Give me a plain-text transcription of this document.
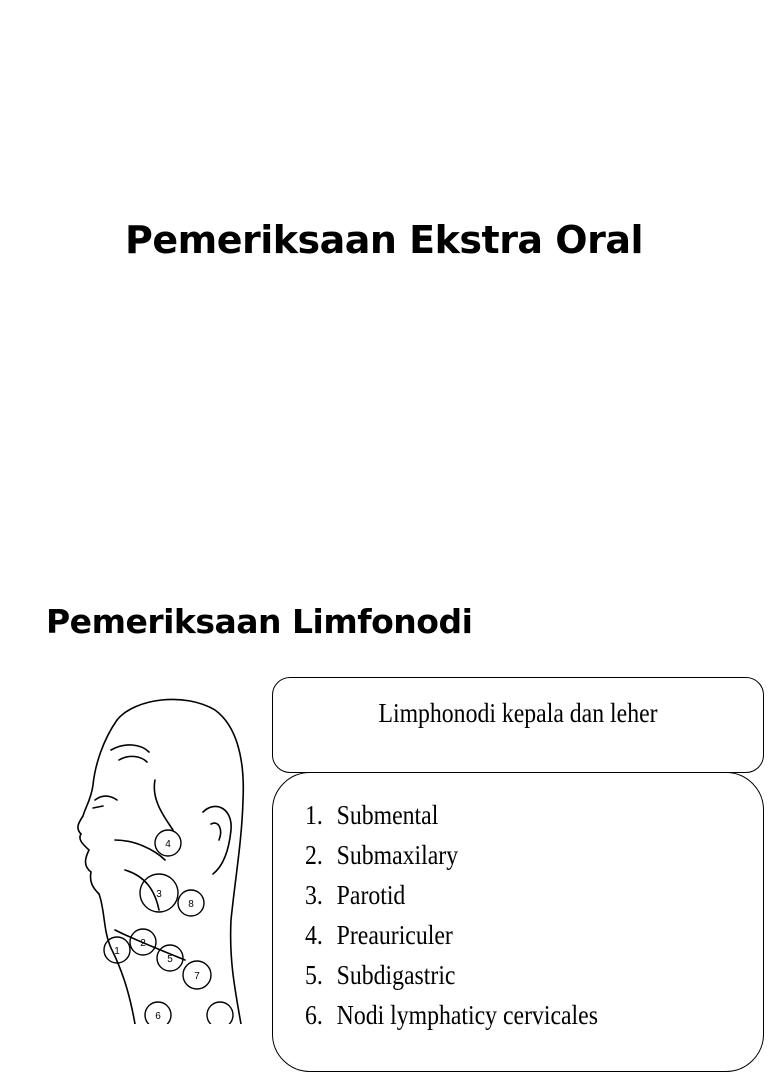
Pemeriksaan Ekstra Oral
Pemeriksaan Limfonodi
4
3
8
1
2
5
6
7
Limphonodi kepala dan leher
1. Submental
2. Submaxilary
3. Parotid
4. Preauriculer
5. Subdigastric
6. Nodi lymphaticy cervicales
